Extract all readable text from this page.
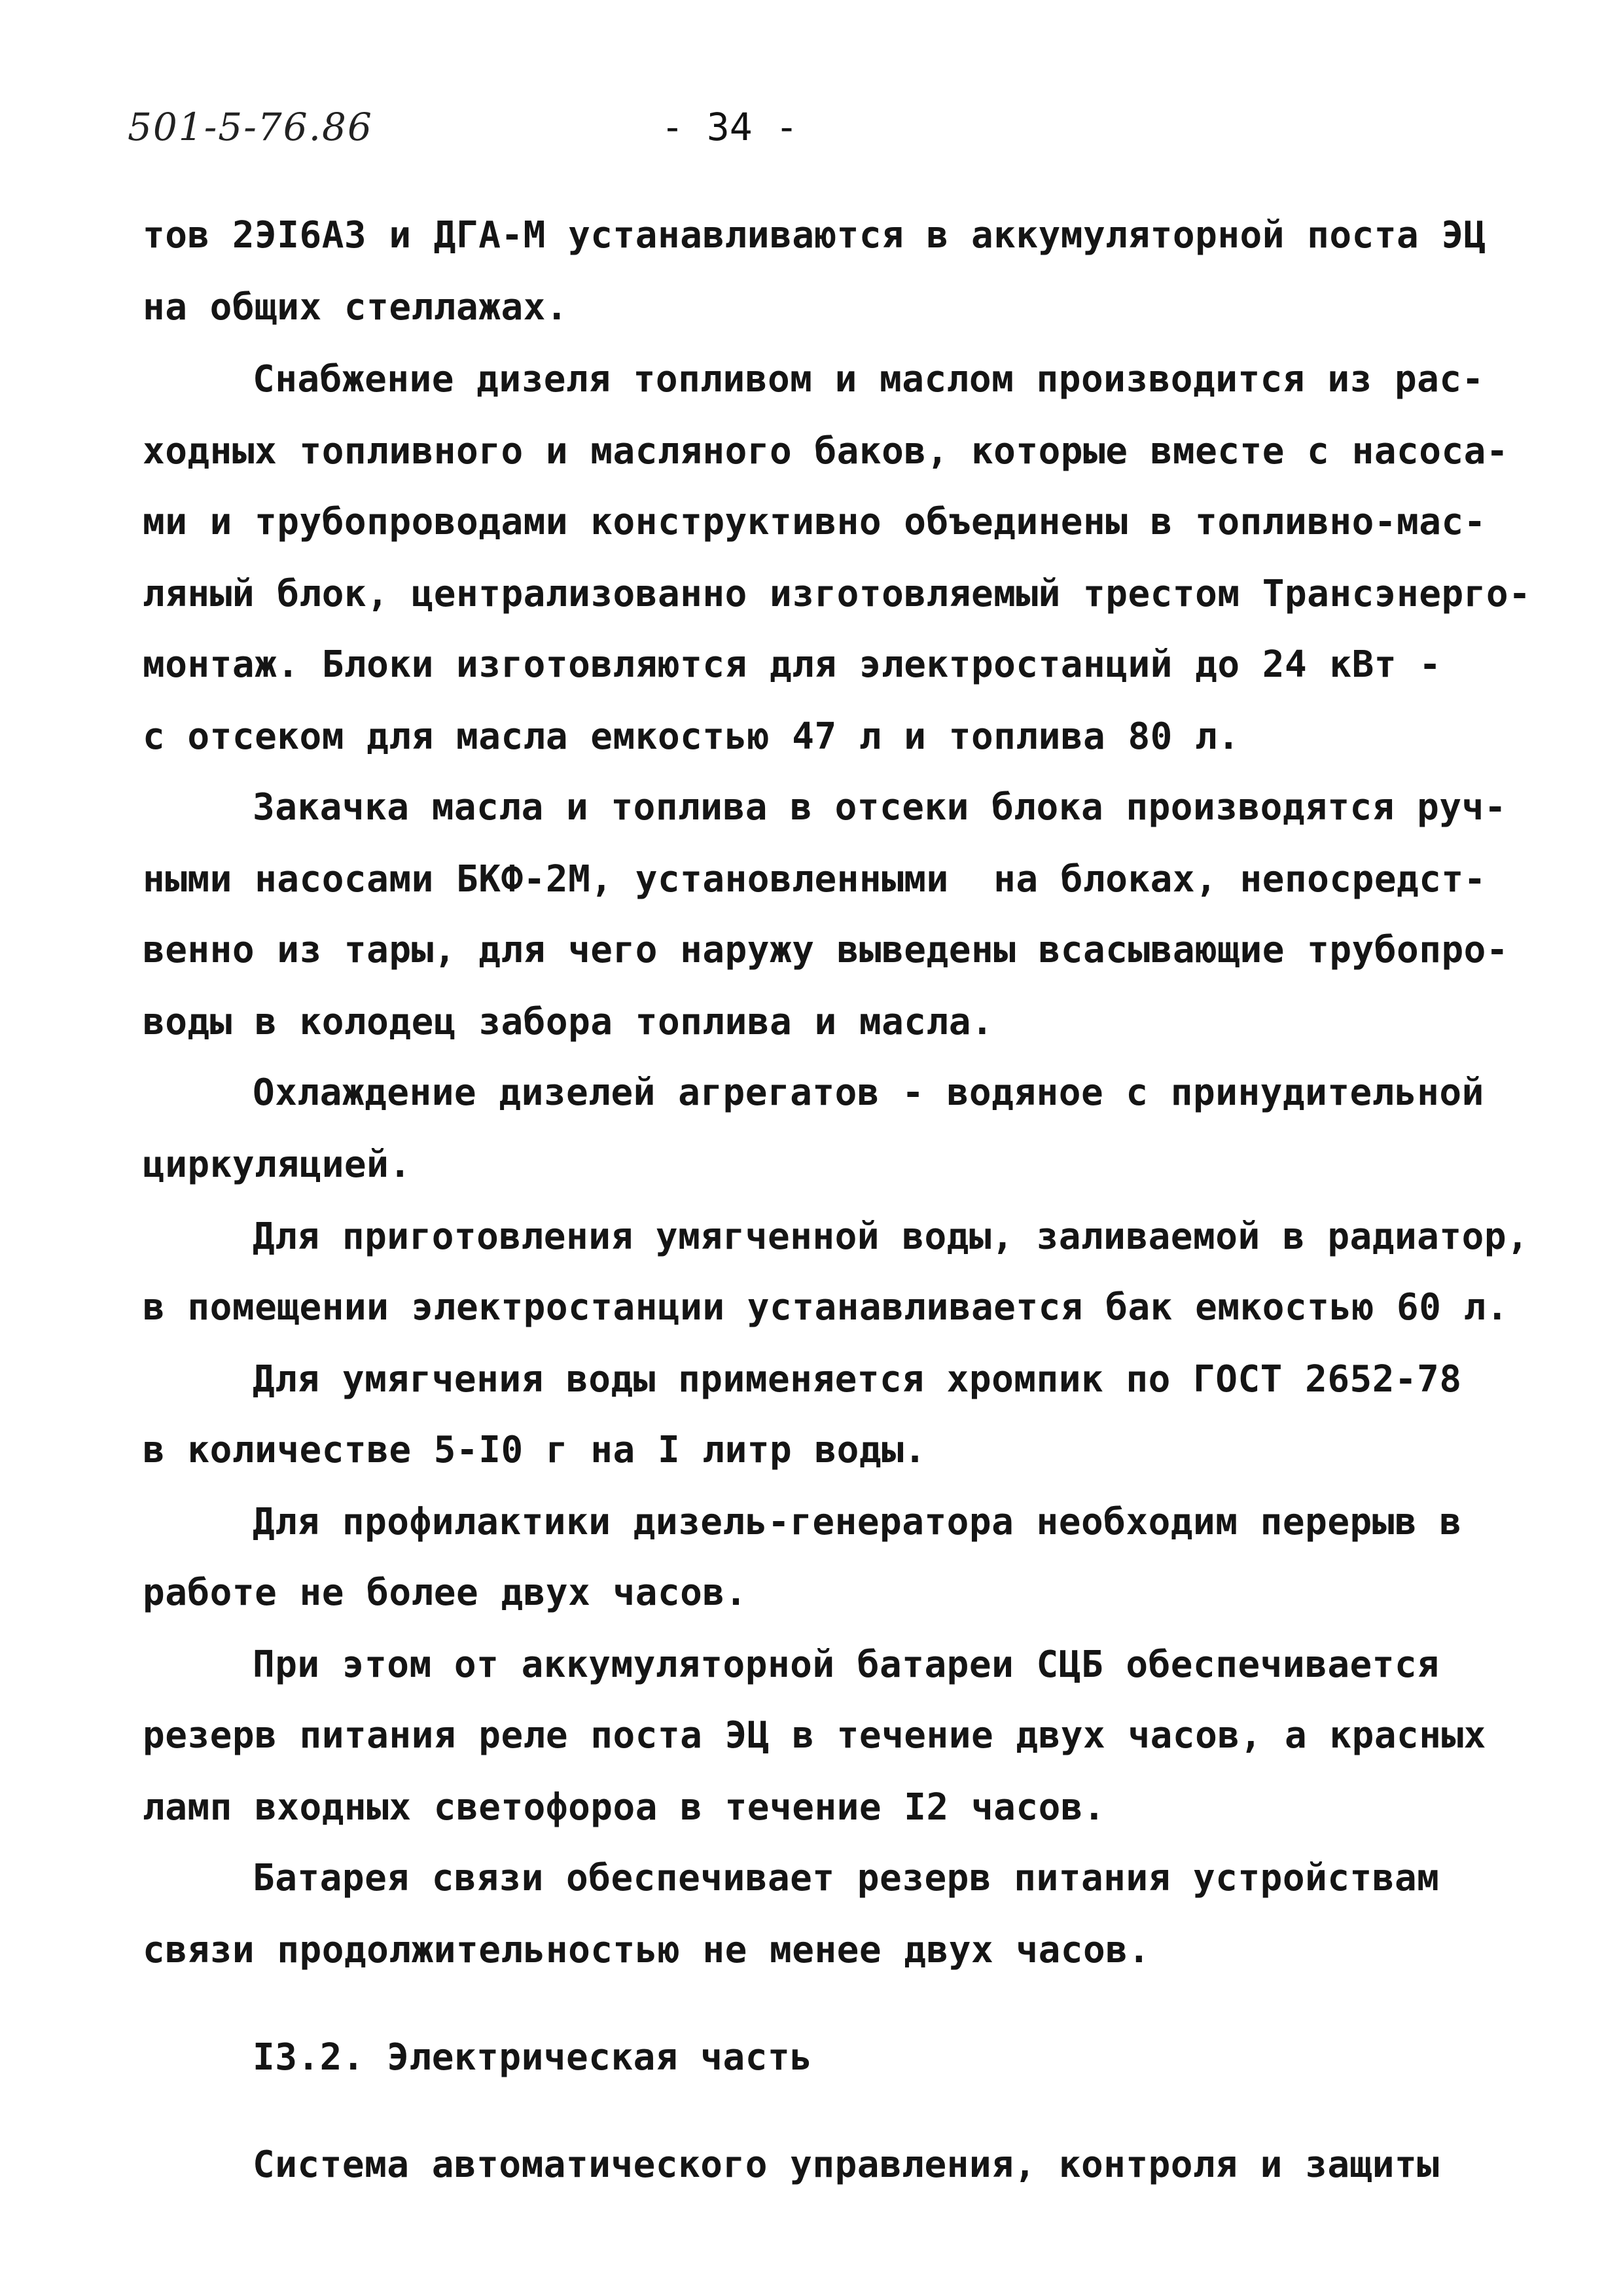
501-5-76.86	- 34 -
тов 2ЭI6АЗ и ДГА-М устанавливаются в аккумуляторной поста ЭЦ
на общих стеллажах.
Снабжение дизеля топливом и маслом производится из рас-
ходных топливного и масляного баков, которые вместе с насоса-
ми и трубопроводами конструктивно объединены в топливно-мас-
ляный блок, централизованно изготовляемый трестом Трансэнерго-
монтаж. Блоки изготовляются для электростанций до 24 кВт -
с отсеком для масла емкостью 47 л и топлива 80 л.
Закачка масла и топлива в отсеки блока производятся руч-
ными насосами БКФ-2М, установленными  на блоках, непосредст-
венно из тары, для чего наружу выведены всасывающие трубопро-
воды в колодец забора топлива и масла.
Охлаждение дизелей агрегатов - водяное с принудительной
циркуляцией.
Для приготовления умягченной воды, заливаемой в радиатор,
в помещении электростанции устанавливается бак емкостью 60 л.
Для умягчения воды применяется хромпик по ГОСТ 2652-78
в количестве 5-I0 г на I литр воды.
Для профилактики дизель-генератора необходим перерыв в
работе не более двух часов.
При этом от аккумуляторной батареи СЦБ обеспечивается
резерв питания реле поста ЭЦ в течение двух часов, а красных
ламп входных светофороа в течение I2 часов.
Батарея связи обеспечивает резерв питания устройствам
связи продолжительностью не менее двух часов.
I3.2. Электрическая часть
Система автоматического управления, контроля и защиты
